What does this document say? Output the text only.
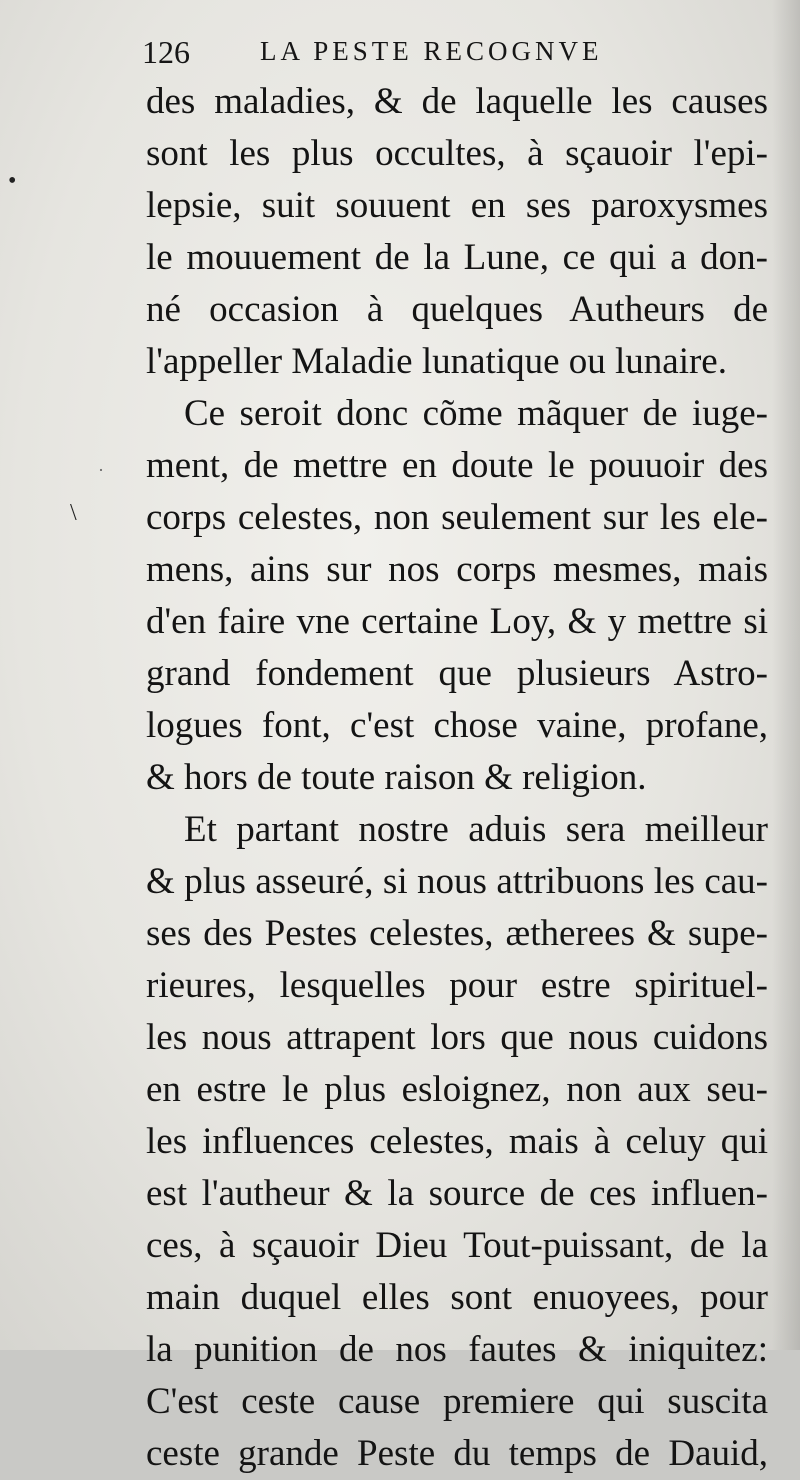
126	LA PESTE RECOGNVE
•
\
·
des maladies, & de laquelle les causes
sont les plus occultes, à sçauoir l'epi-
lepsie, suit souuent en ses paroxysmes
le mouuement de la Lune, ce qui a don-
né occasion à quelques Autheurs de
l'appeller Maladie lunatique ou lunaire.
Ce seroit donc cõme mãquer de iuge-
ment, de mettre en doute le pouuoir des
corps celestes, non seulement sur les ele-
mens, ains sur nos corps mesmes, mais
d'en faire vne certaine Loy, & y mettre si
grand fondement que plusieurs Astro-
logues font, c'est chose vaine, profane,
& hors de toute raison & religion.
Et partant nostre aduis sera meilleur
& plus asseuré, si nous attribuons les cau-
ses des Pestes celestes, ætherees & supe-
rieures, lesquelles pour estre spirituel-
les nous attrapent lors que nous cuidons
en estre le plus esloignez, non aux seu-
les influences celestes, mais à celuy qui
est l'autheur & la source de ces influen-
ces, à sçauoir Dieu Tout-puissant, de la
main duquel elles sont enuoyees, pour
la punition de nos fautes & iniquitez:
C'est ceste cause premiere qui suscita
ceste grande Peste du temps de Dauid,
